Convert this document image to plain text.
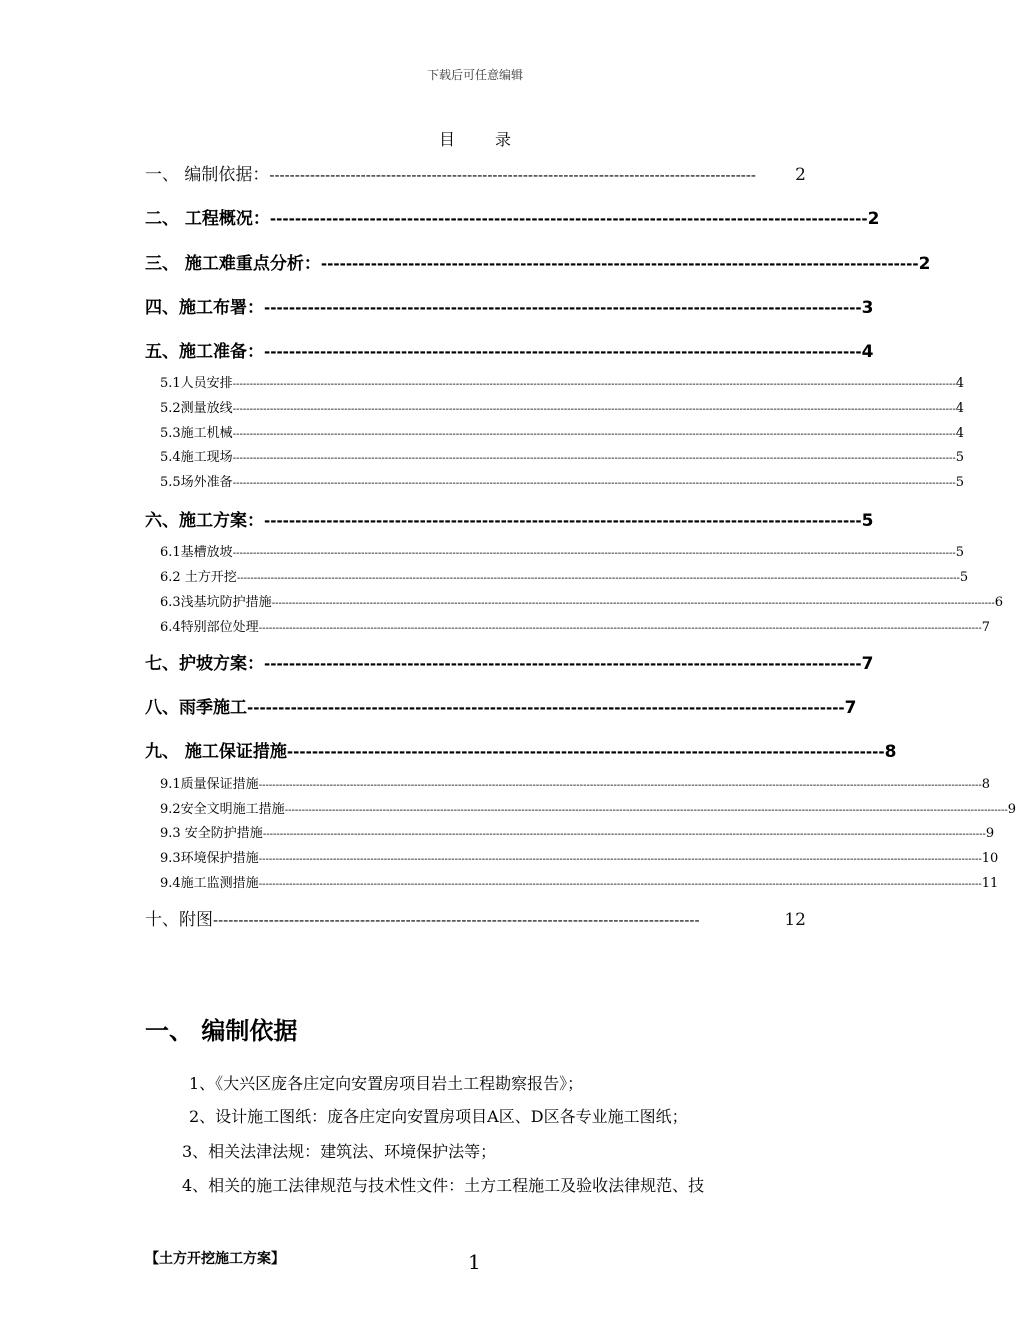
下载后可任意编辑
目	录
一、 编制依据： ------------------------------------------------------------------------------------------------	2
二、 工程概况： ------------------------------------------------------------------------------------------------ 2
三、 施工难重点分析： ------------------------------------------------------------------------------------------------ 2
四、施工布署： ------------------------------------------------------------------------------------------------ 3
五、施工准备： ------------------------------------------------------------------------------------------------ 4
5.1人员安排 ---------------------------------------------------------------------------------------------------------------------------------------------------------------------------------------------------------------------- 4
5.2测量放线 ---------------------------------------------------------------------------------------------------------------------------------------------------------------------------------------------------------------------- 4
5.3施工机械 ---------------------------------------------------------------------------------------------------------------------------------------------------------------------------------------------------------------------- 4
5.4施工现场 ---------------------------------------------------------------------------------------------------------------------------------------------------------------------------------------------------------------------- 5
5.5场外准备 ---------------------------------------------------------------------------------------------------------------------------------------------------------------------------------------------------------------------- 5
六、施工方案： ------------------------------------------------------------------------------------------------ 5
6.1基槽放坡 ---------------------------------------------------------------------------------------------------------------------------------------------------------------------------------------------------------------------- 5
6.2 土方开挖 ---------------------------------------------------------------------------------------------------------------------------------------------------------------------------------------------------------------------- 5
6.3浅基坑防护措施 ---------------------------------------------------------------------------------------------------------------------------------------------------------------------------------------------------------------------- 6
6.4特别部位处理 ---------------------------------------------------------------------------------------------------------------------------------------------------------------------------------------------------------------------- 7
七、护坡方案： ------------------------------------------------------------------------------------------------ 7
八、雨季施工 ------------------------------------------------------------------------------------------------ 7
九、 施工保证措施 ------------------------------------------------------------------------------------------------ 8
9.1质量保证措施 ---------------------------------------------------------------------------------------------------------------------------------------------------------------------------------------------------------------------- 8
9.2安全文明施工措施 ---------------------------------------------------------------------------------------------------------------------------------------------------------------------------------------------------------------------- 9
9.3 安全防护措施 ---------------------------------------------------------------------------------------------------------------------------------------------------------------------------------------------------------------------- 9
9.3环境保护措施 ---------------------------------------------------------------------------------------------------------------------------------------------------------------------------------------------------------------------- 10
9.4施工监测措施 ---------------------------------------------------------------------------------------------------------------------------------------------------------------------------------------------------------------------- 11
十、附图 ------------------------------------------------------------------------------------------------	12
一、 编制依据
1、《大兴区庞各庄定向安置房项目岩土工程勘察报告》；
2、设计施工图纸：庞各庄定向安置房项目A区、D区各专业施工图纸；
3、相关法津法规：建筑法、环境保护法等；
4、相关的施工法律规范与技术性文件：土方工程施工及验收法律规范、技
【土方开挖施工方案】	1
